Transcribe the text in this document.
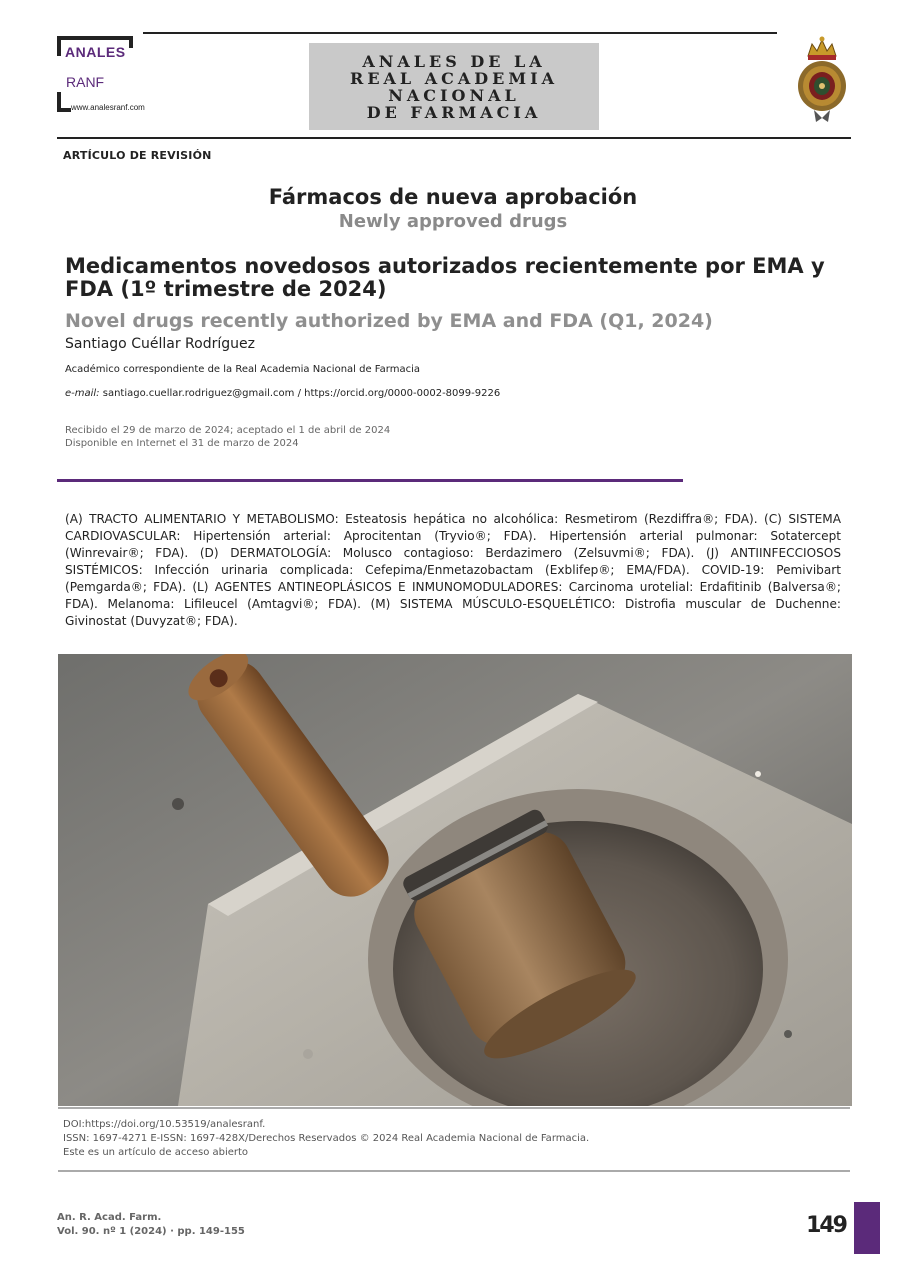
ANALES
RANF
www.analesranf.com
ANALES DE LA
REAL ACADEMIA
NACIONAL
DE FARMACIA
ARTÍCULO DE REVISIÓN
Fármacos de nueva aprobación
Newly approved drugs
Medicamentos novedosos autorizados recientemente por EMA y FDA (1º trimestre de 2024)
Novel drugs recently authorized by EMA and FDA (Q1, 2024)
Santiago Cuéllar Rodríguez
Académico correspondiente de la Real Academia Nacional de Farmacia
e-mail: santiago.cuellar.rodriguez@gmail.com / https://orcid.org/0000-0002-8099-9226
Recibido el 29 de marzo de 2024; aceptado el 1 de abril de 2024
Disponible en Internet el 31 de marzo de 2024
(A) TRACTO ALIMENTARIO Y METABOLISMO: Esteatosis hepática no alcohólica: Resmetirom (Rezdiffra®; FDA). (C) SISTEMA CARDIOVASCULAR: Hipertensión arterial: Aprocitentan (Tryvio®; FDA). Hipertensión arterial pulmonar: Sotatercept (Winrevair®; FDA). (D) DERMATOLOGÍA: Molusco contagioso: Berdazimero (Zelsuvmi®; FDA). (J) ANTIINFECCIOSOS SISTÉMICOS: Infección urinaria complicada: Cefepima/Enmetazobactam (Exblifep®; EMA/FDA). COVID-19: Pemivibart (Pemgarda®; FDA). (L) AGENTES ANTINEOPLÁSICOS E INMUNOMODULADORES: Carcinoma urotelial: Erdafitinib (Balversa®; FDA). Melanoma: Lifileucel (Amtagvi®; FDA). (M) SISTEMA MÚSCULO-ESQUELÉTICO: Distrofia muscular de Duchenne: Givinostat (Duvyzat®; FDA).
DOI:https://doi.org/10.53519/analesranf.
ISSN: 1697-4271 E-ISSN: 1697-428X/Derechos Reservados © 2024 Real Academia Nacional de Farmacia.
Este es un artículo de acceso abierto
An. R. Acad. Farm.
Vol. 90. nº 1 (2024) · pp. 149-155	149
